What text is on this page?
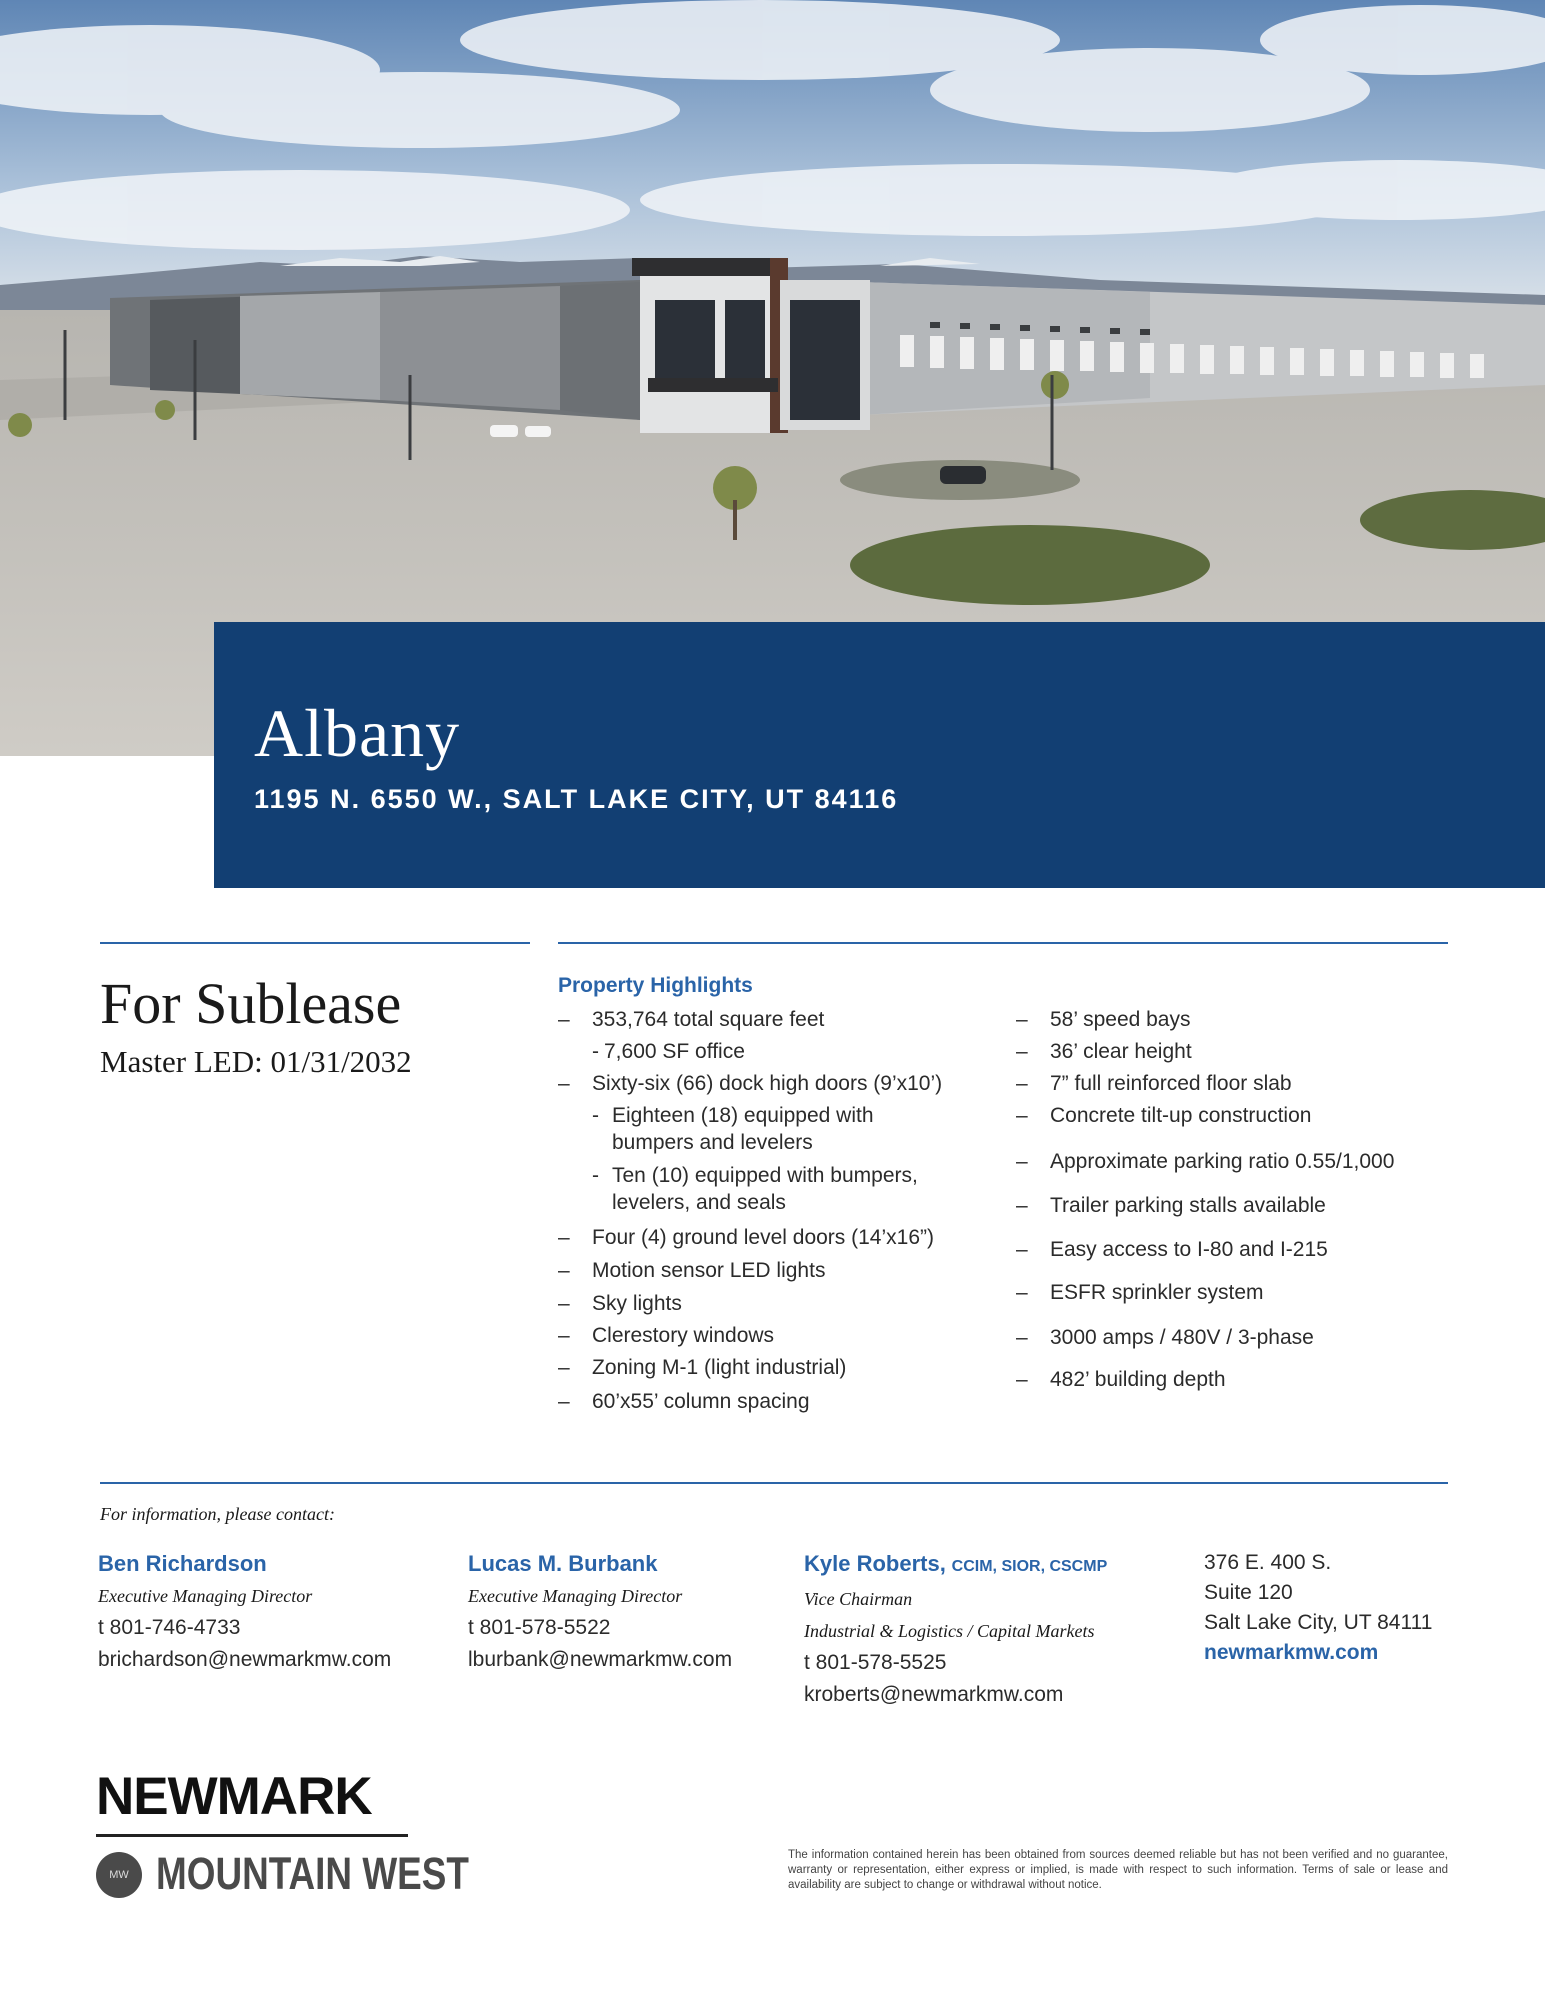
Albany
1195 N. 6550 W., SALT LAKE CITY, UT 84116
For Sublease
Master LED: 01/31/2032
Property Highlights
– 353,764 total square feet
- 7,600 SF office
– Sixty-six (66) dock high doors (9’x10’)
- Eighteen (18) equipped with
bumpers and levelers
- Ten (10) equipped with bumpers,
levelers, and seals
– Four (4) ground level doors (14’x16”)
– Motion sensor LED lights
– Sky lights
– Clerestory windows
– Zoning M-1 (light industrial)
– 60’x55’ column spacing
– 58’ speed bays
– 36’ clear height
– 7” full reinforced floor slab
– Concrete tilt-up construction
– Approximate parking ratio 0.55/1,000
– Trailer parking stalls available
– Easy access to I-80 and I-215
– ESFR sprinkler system
– 3000 amps / 480V / 3-phase
– 482’ building depth
For information, please contact:
Ben Richardson
Executive Managing Director
t 801-746-4733
brichardson@newmarkmw.com
Lucas M. Burbank
Executive Managing Director
t 801-578-5522
lburbank@newmarkmw.com
Kyle Roberts, CCIM, SIOR, CSCMP
Vice Chairman
Industrial & Logistics / Capital Markets
t 801-578-5525
kroberts@newmarkmw.com
376 E. 400 S.
Suite 120
Salt Lake City, UT 84111
newmarkmw.com
NEWMARK
MW MOUNTAIN WEST	The information contained herein has been obtained from sources deemed reliable but has not been verified and no guarantee, warranty or representation, either express or implied, is made with respect to such information. Terms of sale or lease and availability are subject to change or withdrawal without notice.
